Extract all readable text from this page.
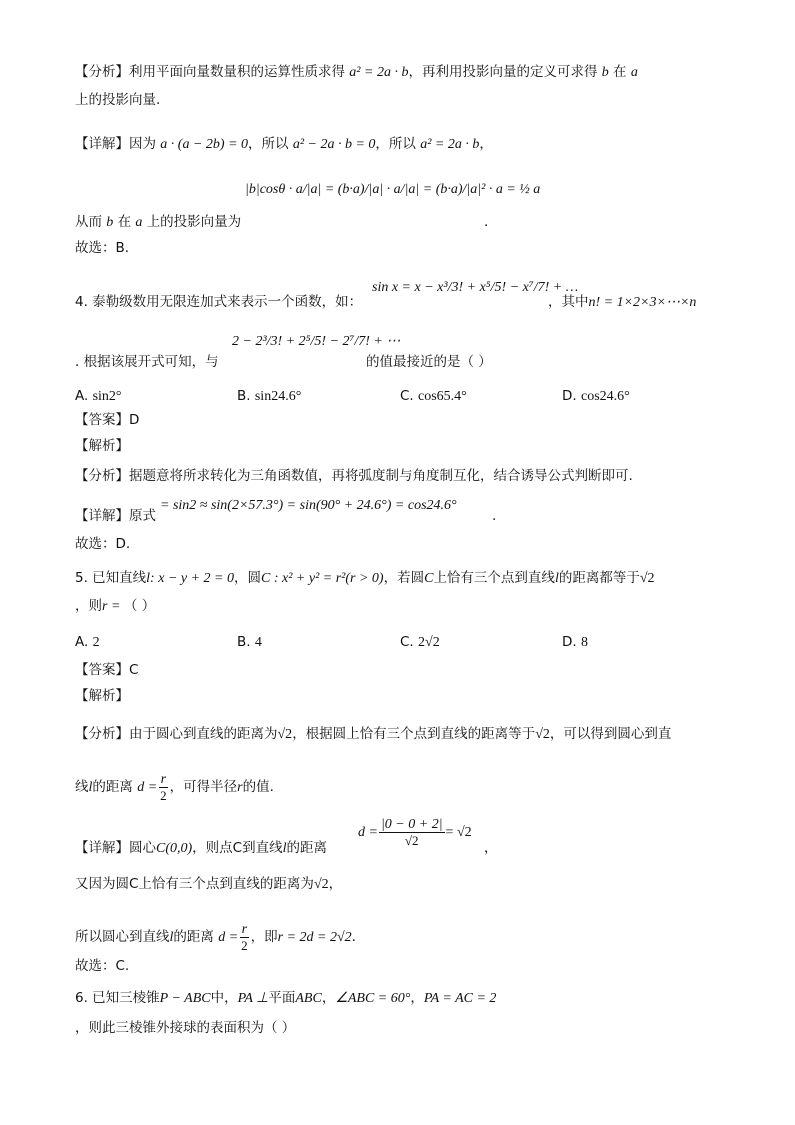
【分析】利用平面向量数量积的运算性质求得 a² = 2a · b，再利用投影向量的定义可求得 b 在 a
上的投影向量.
【详解】因为 a · (a − 2b) = 0，所以 a² − 2a · b = 0，所以 a² = 2a · b，
|b|cosθ · a/|a| = (b·a)/|a| · a/|a| = (b·a)/|a|² · a = ½ a
从而 b 在 a 上的投影向量为	.
故选：B.
sin x = x − x³/3! + x⁵/5! − x⁷/7! + …
4. 泰勒级数用无限连加式来表示一个函数，如：	，其中n! = 1×2×3×⋯×n
. 根据该展开式可知，与
2 − 2³/3! + 2⁵/5! − 2⁷/7! + ⋯
的值最接近的是（ ）
A. sin2°	B. sin24.6°	C. cos65.4°	D. cos24.6°
【答案】D
【解析】
【分析】据题意将所求转化为三角函数值，再将弧度制与角度制互化，结合诱导公式判断即可.
【详解】原式
= sin2 ≈ sin(2×57.3°) = sin(90° + 24.6°) = cos24.6°
.
故选：D.
5. 已知直线l: x − y + 2 = 0，圆C : x² + y² = r²(r > 0)，若圆C上恰有三个点到直线l的距离都等于√2
，则r = （ ）
A. 2	B. 4	C. 2√2	D. 8
【答案】C
【解析】
【分析】由于圆心到直线的距离为√2，根据圆上恰有三个点到直线的距离等于√2，可以得到圆心到直
线l的距离 $d = \frac{r}{2}$ ，可得半径r的值.
【详解】圆心C(0,0)，则点C到直线l的距离
$d = \frac{|0 - 0 + 2|}{√2} = √2$
，
又因为圆C上恰有三个点到直线的距离为√2，
所以圆心到直线l的距离 $d = \frac{r}{2}$ ，即r = 2d = 2√2.
故选：C.
6. 已知三棱锥P − ABC中，PA ⊥平面ABC，∠ABC = 60°，PA = AC = 2
，则此三棱锥外接球的表面积为（ ）
